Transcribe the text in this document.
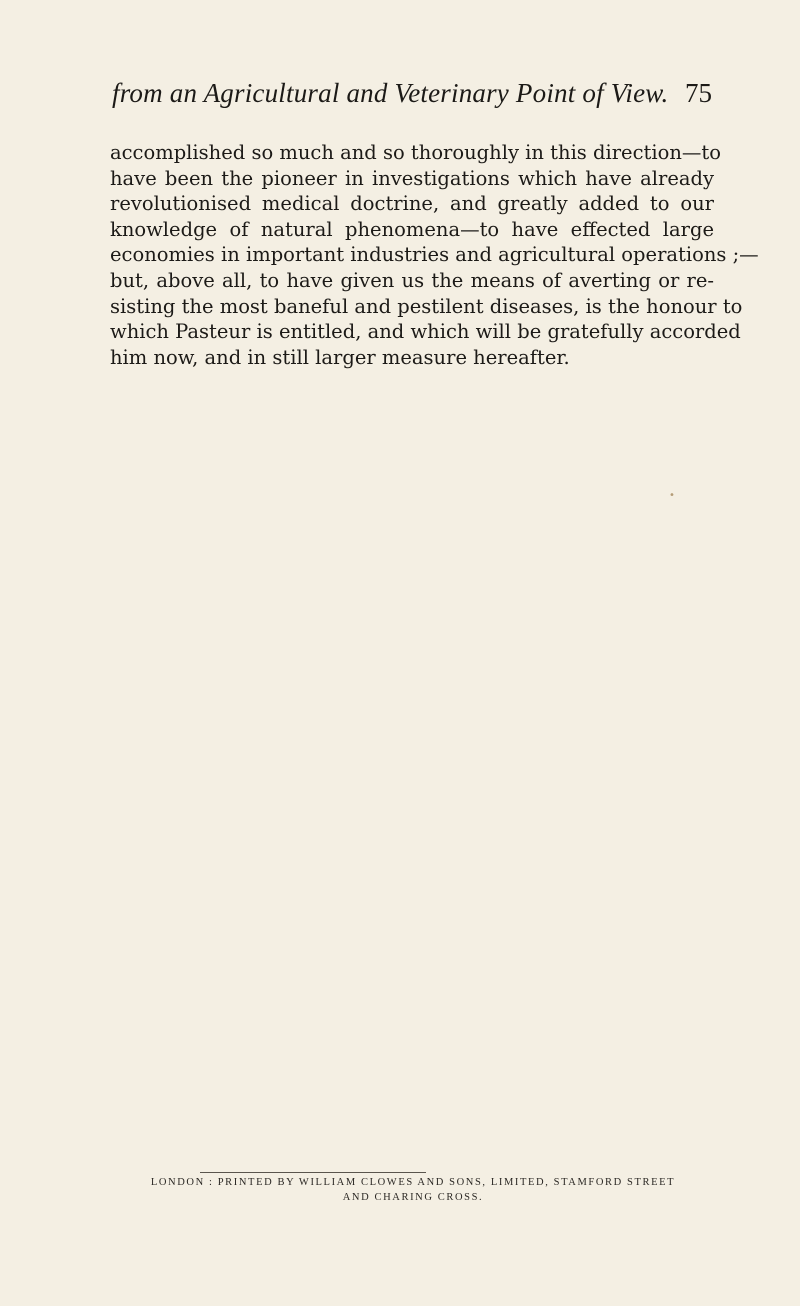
from an Agricultural and Veterinary Point of View. 75
accomplished so much and so thoroughly in this direction—to
have been the pioneer in investigations which have already
revolutionised medical doctrine, and greatly added to our
knowledge of natural phenomena—to have effected large
economies in important industries and agricultural operations ;—
but, above all, to have given us the means of averting or re-
sisting the most baneful and pestilent diseases, is the honour to
which Pasteur is entitled, and which will be gratefully accorded
him now, and in still larger measure hereafter.
•
LONDON : PRINTED BY WILLIAM CLOWES AND SONS, LIMITED, STAMFORD STREET
AND CHARING CROSS.
